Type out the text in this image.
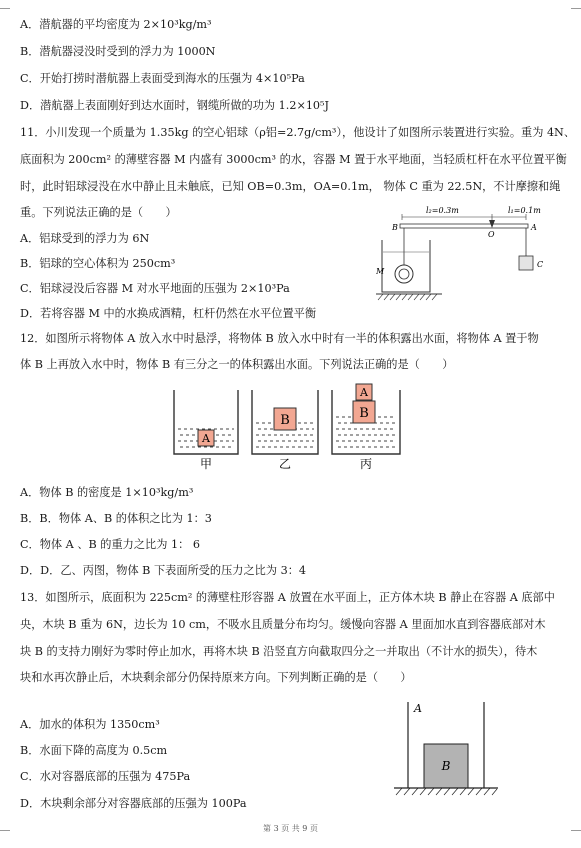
A．潜航器的平均密度为 2×10³kg/m³
B．潜航器浸没时受到的浮力为 1000N
C．开始打捞时潜航器上表面受到海水的压强为 4×10⁵Pa
D．潜航器上表面刚好到达水面时，钢缆所做的功为 1.2×10⁵J
11．小川发现一个质量为 1.35kg 的空心铝球（ρ铝=2.7g/cm³），他设计了如图所示装置进行实验。重为 4N、
底面积为 200cm² 的薄壁容器 M 内盛有 3000cm³ 的水，容器 M 置于水平地面，当轻质杠杆在水平位置平衡
时，此时铝球浸没在水中静止且未触底，已知 OB=0.3m，OA=0.1m， 物体 C 重为 22.5N，不计摩擦和绳
重。下列说法正确的是（　　）
A．铝球受到的浮力为 6N
B．铝球的空心体积为 250cm³
C．铝球浸没后容器 M 对水平地面的压强为 2×10³Pa
D．若将容器 M 中的水换成酒精，杠杆仍然在水平位置平衡
12．如图所示将物体 A 放入水中时悬浮，将物体 B 放入水中时有一半的体积露出水面，将物体 A 置于物
体 B 上再放入水中时，物体 B 有三分之一的体积露出水面。下列说法正确的是（　　）
A．物体 B 的密度是 1×10³kg/m³
B．B．物体 A、B 的体积之比为 1：3
C．物体 A 、B 的重力之比为 1： 6
D．D．乙、丙图，物体 B 下表面所受的压力之比为 3：4
13．如图所示，底面积为 225cm² 的薄壁柱形容器 A 放置在水平面上，正方体木块 B 静止在容器 A 底部中
央，木块 B 重为 6N，边长为 10 cm，不吸水且质量分布均匀。缓慢向容器 A 里面加水直到容器底部对木
块 B 的支持力刚好为零时停止加水，再将木块 B 沿竖直方向截取四分之一并取出（不计水的损失），待木
块和水再次静止后，木块剩余部分仍保持原来方向。下列判断正确的是（　　）
A．加水的体积为 1350cm³
B．水面下降的高度为 0.5cm
C．水对容器底部的压强为 475Pa
D．木块剩余部分对容器底部的压强为 100Pa
l₂=0.3m	l₁=0.1m
B
O
A
M
C
A
甲
B
乙
A
B
丙
A
B
第 3 页 共 9 页
